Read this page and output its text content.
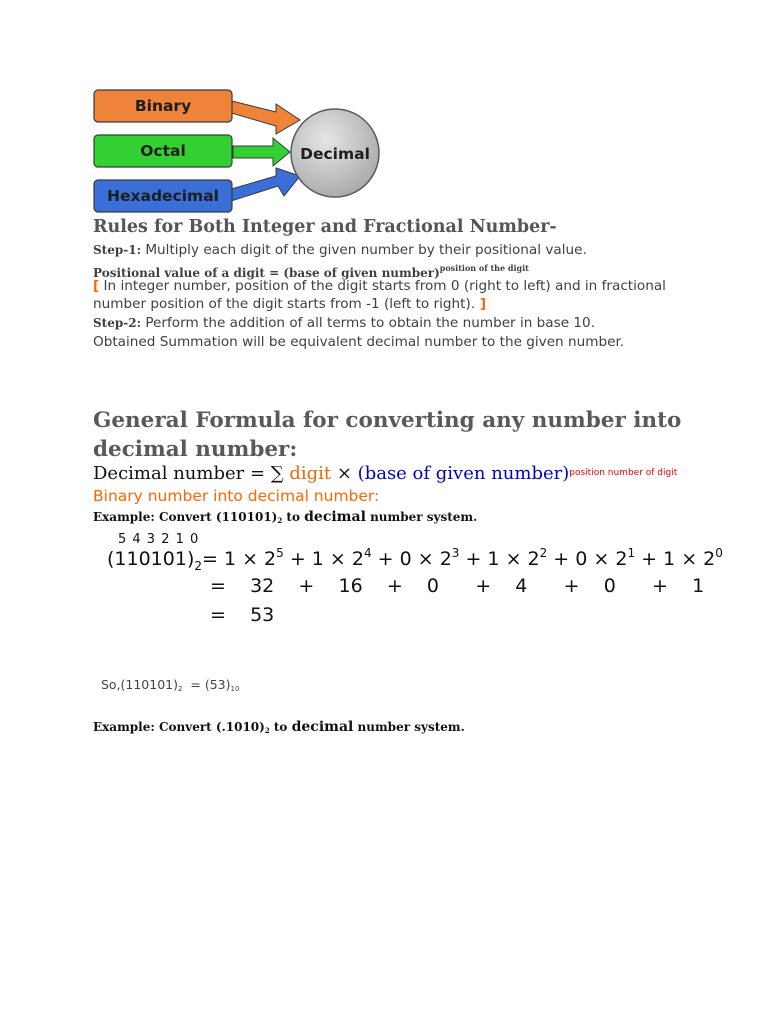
Binary
Octal
Hexadecimal
Decimal
Rules for Both Integer and Fractional Number-
Step-1: Multiply each digit of the given number by their positional value.
Positional value of a digit = (base of given number)$^{position of the digit}$
[ In integer number, position of the digit starts from 0 (right to left) and in fractional
number position of the digit starts from -1 (left to right). ]
Step-2: Perform the addition of all terms to obtain the number in base 10.
Obtained Summation will be equivalent decimal number to the given number.
General Formula for converting any number into
decimal number:
Decimal number = ∑ digit × (base of given number)$^{position number of digit}$
Binary number into decimal number:
Example: Convert (110101)2 to decimal number system.
5 4 3 2 1 0
$(110101)_2= 1 \times 2^5 + 1 \times 2^4 + 0 \times 2^3 + 1 \times 2^2 + 0 \times 2^1 + 1 \times 2^0$
=    32    +    16    +    0      +    4      +    0      +    1
=    53

So,(110101)2  = (53)10

Example: Convert (.1010)2 to decimal number system.
